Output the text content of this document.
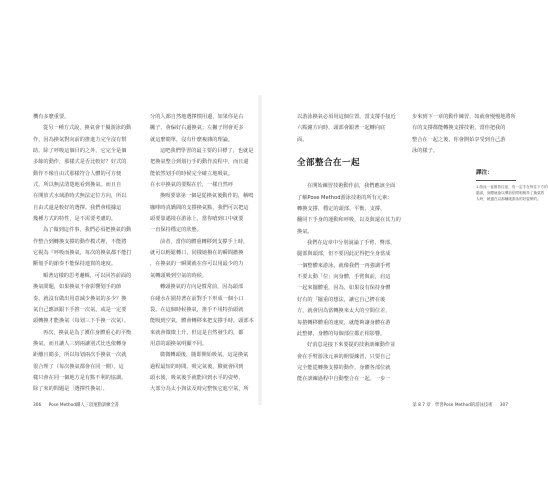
機有多麼重要。

從另一種方式說，換氣會干擾游泳的動

作，因為換氣對向前的推進力完全沒有幫

助。除了呼吸這個目的之外，它完全是個

多餘的動作，那樣式是否比較好？好式的

動作不像自由式那樣符合人體的可方便

式，所以無法清楚地看到換氣。而且自

在開放式水域游時式無法定位方向，所以

自由式還是較好的選擇。我們會根據這

幾種方式的特性，是不需要考慮的。

為了做到這件事，我們必須把換氣的動

作整合到轉換支撐的動作模式裡，不能將

它視為『呼吸而換氣，每次的換氣都不能打

斷划手的節奏不能保持連貫的速度。

順著這樣的思考邏輯，可以回答前面的

換氣問題，如果換氣不會影響划手的節

奏，就沒有做出用意減少換氣的多少？換

氣自己應該跟下手推一次氣，或是一定要

頭轉換才能換氣（每划三下手換一次氣）。

再次，換氣是為了護住身體重心的平衡

換氣，而且讓人三到兩讓別式比也依轉身

距離且簡多，所以每划兩次手換氣一次就

很合理了（每次換氣都會在同一側），這

樣只會在同一個地方是有點不利的協調。

除了來的問題是〔選擇性換氣〕，

分的人都自然地選擇慣用邊，如果你是右

撇子，會偏好右邊換氣；左撇子則會更多

就這麼簡單，沒有什麼複雜的理論。

這吧我們學習的最主要的目標了，也就是

把換氣整合到划行手的動作流程中，而且還

能依然划手的時候完全確立地吸氣。

在水中換氣的要點在於，一樣自然呼

換吸要靠第一個是從換氣後動作的，稱鳴

咖啡時真嬌間的支撐換氣點，我們可以把這

頭要靠邁境在游泳上，當你嗆到口中就要

一直保持穩定的狀態。

前者，當你的體重轉移到支撐手上時，

就可以輕鬆轉口，同樣她撥在的瞬間撤換

，在換氣的一瞬間就在你可以用最少的力

氣轉頭吸到空氣的時候。

轉頭換氣的方向是慣常前，因為頭部

在碰水在圍持著在前對手下形成一個小口

袋，在這個時候換氣，推手不用特抬頭就

能吸到空氣，體會轉移來把支撐手時，頭部本

來就會微微上升，但這是自然發生的，都

用意的頭換氣明顯不同。

微微轉頭後，隨即開始吸氣，這是換氣

過程最短的時間。吸完氣後，臉就會回到

頭水後，吸氣後手就能回到水平的姿勢，

大部分為太小與法及時完整恢它進空氣，所

306 Pose Method鐵人三項運動訓練全書

以游泳換氣必須用這個位置，當支撐手接近

六點鐘方向時，頭部會跟著一起轉向底

面。

全部整合在一起

在開始練習技術動作前，我們應該全面

了解Pose Method游泳技術的所有元素：

轉換支撐、穩定的頭部、平衡、支撐、

翻同下手身的運動和呼吸，以及與還在其力的

換氣。

我們在這章中分別說論了手臂、臀部、

腿部與頭部，但不要因此記得把全身當成

一個整體來游泳，就像我們一再強調手臂

不要太動「位」向身體，手臂與前，肩這

一起來擺體重，因為，如果沒有保持身體

好有的「擺重的想法，讓它自己擠在後

方，就會因為當轉換來太大的空間位差，

每捲轉移體重的速度，就能夠讓身體在游

此整條，身體的每個部位都正相影響。

好消息是接下來要提的技術訓練動作並

會在手臂游泳元素的開要練習，只要自己

完全能從轉換支撐的動作，身體各部位就

能在訓練過程中自動整合在一起。一步一

步來到下一章的動作練習，如就會慢慢地將所

有的支撐都能轉換支撐技術，當你把我的

整合在一起之後，你會開始享受到自己游

泳的樣子。

譯注：
1 游泳一直保持往前，有一定手在每往下方的
腦部，身體就會以慣前依附相相持了換氣的
人時，就還在以那種破游泳的好姿勢的。
第 8 7 章　學習Pose Method的游泳技術 307
